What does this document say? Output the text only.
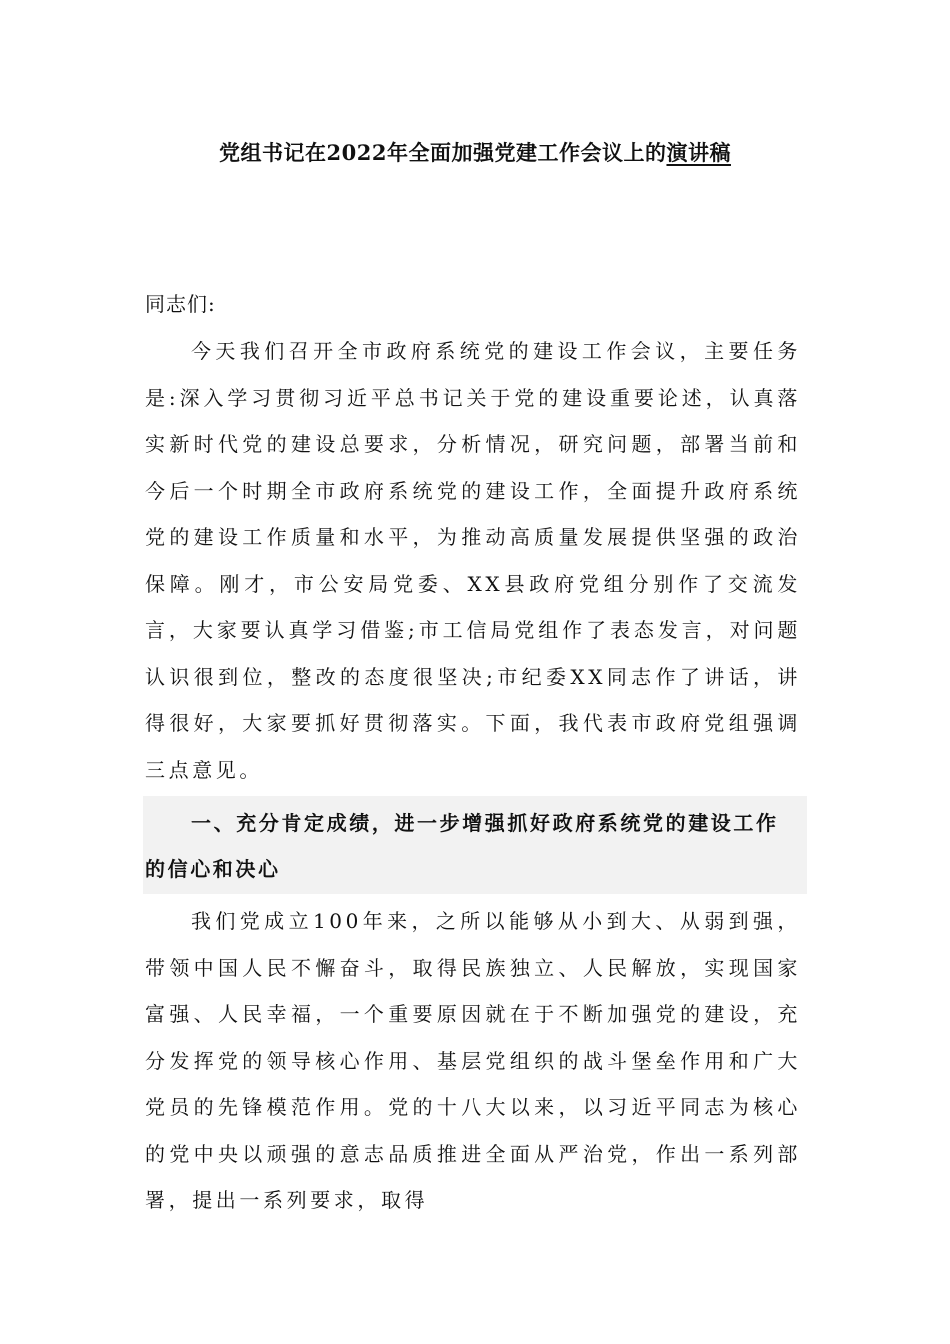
党组书记在2022年全面加强党建工作会议上的演讲稿
同志们:

今天我们召开全市政府系统党的建设工作会议，主要任务是:深入学习贯彻习近平总书记关于党的建设重要论述，认真落实新时代党的建设总要求，分析情况，研究问题，部署当前和今后一个时期全市政府系统党的建设工作，全面提升政府系统党的建设工作质量和水平，为推动高质量发展提供坚强的政治保障。刚才，市公安局党委、XX县政府党组分别作了交流发言，大家要认真学习借鉴;市工信局党组作了表态发言，对问题认识很到位，整改的态度很坚决;市纪委XX同志作了讲话，讲得很好，大家要抓好贯彻落实。下面，我代表市政府党组强调三点意见。

一、充分肯定成绩，进一步增强抓好政府系统党的建设工作的信心和决心

我们党成立100年来，之所以能够从小到大、从弱到强，带领中国人民不懈奋斗，取得民族独立、人民解放，实现国家富强、人民幸福，一个重要原因就在于不断加强党的建设，充分发挥党的领导核心作用、基层党组织的战斗堡垒作用和广大党员的先锋模范作用。党的十八大以来，以习近平同志为核心的党中央以顽强的意志品质推进全面从严治党，作出一系列部署，提出一系列要求，取得
